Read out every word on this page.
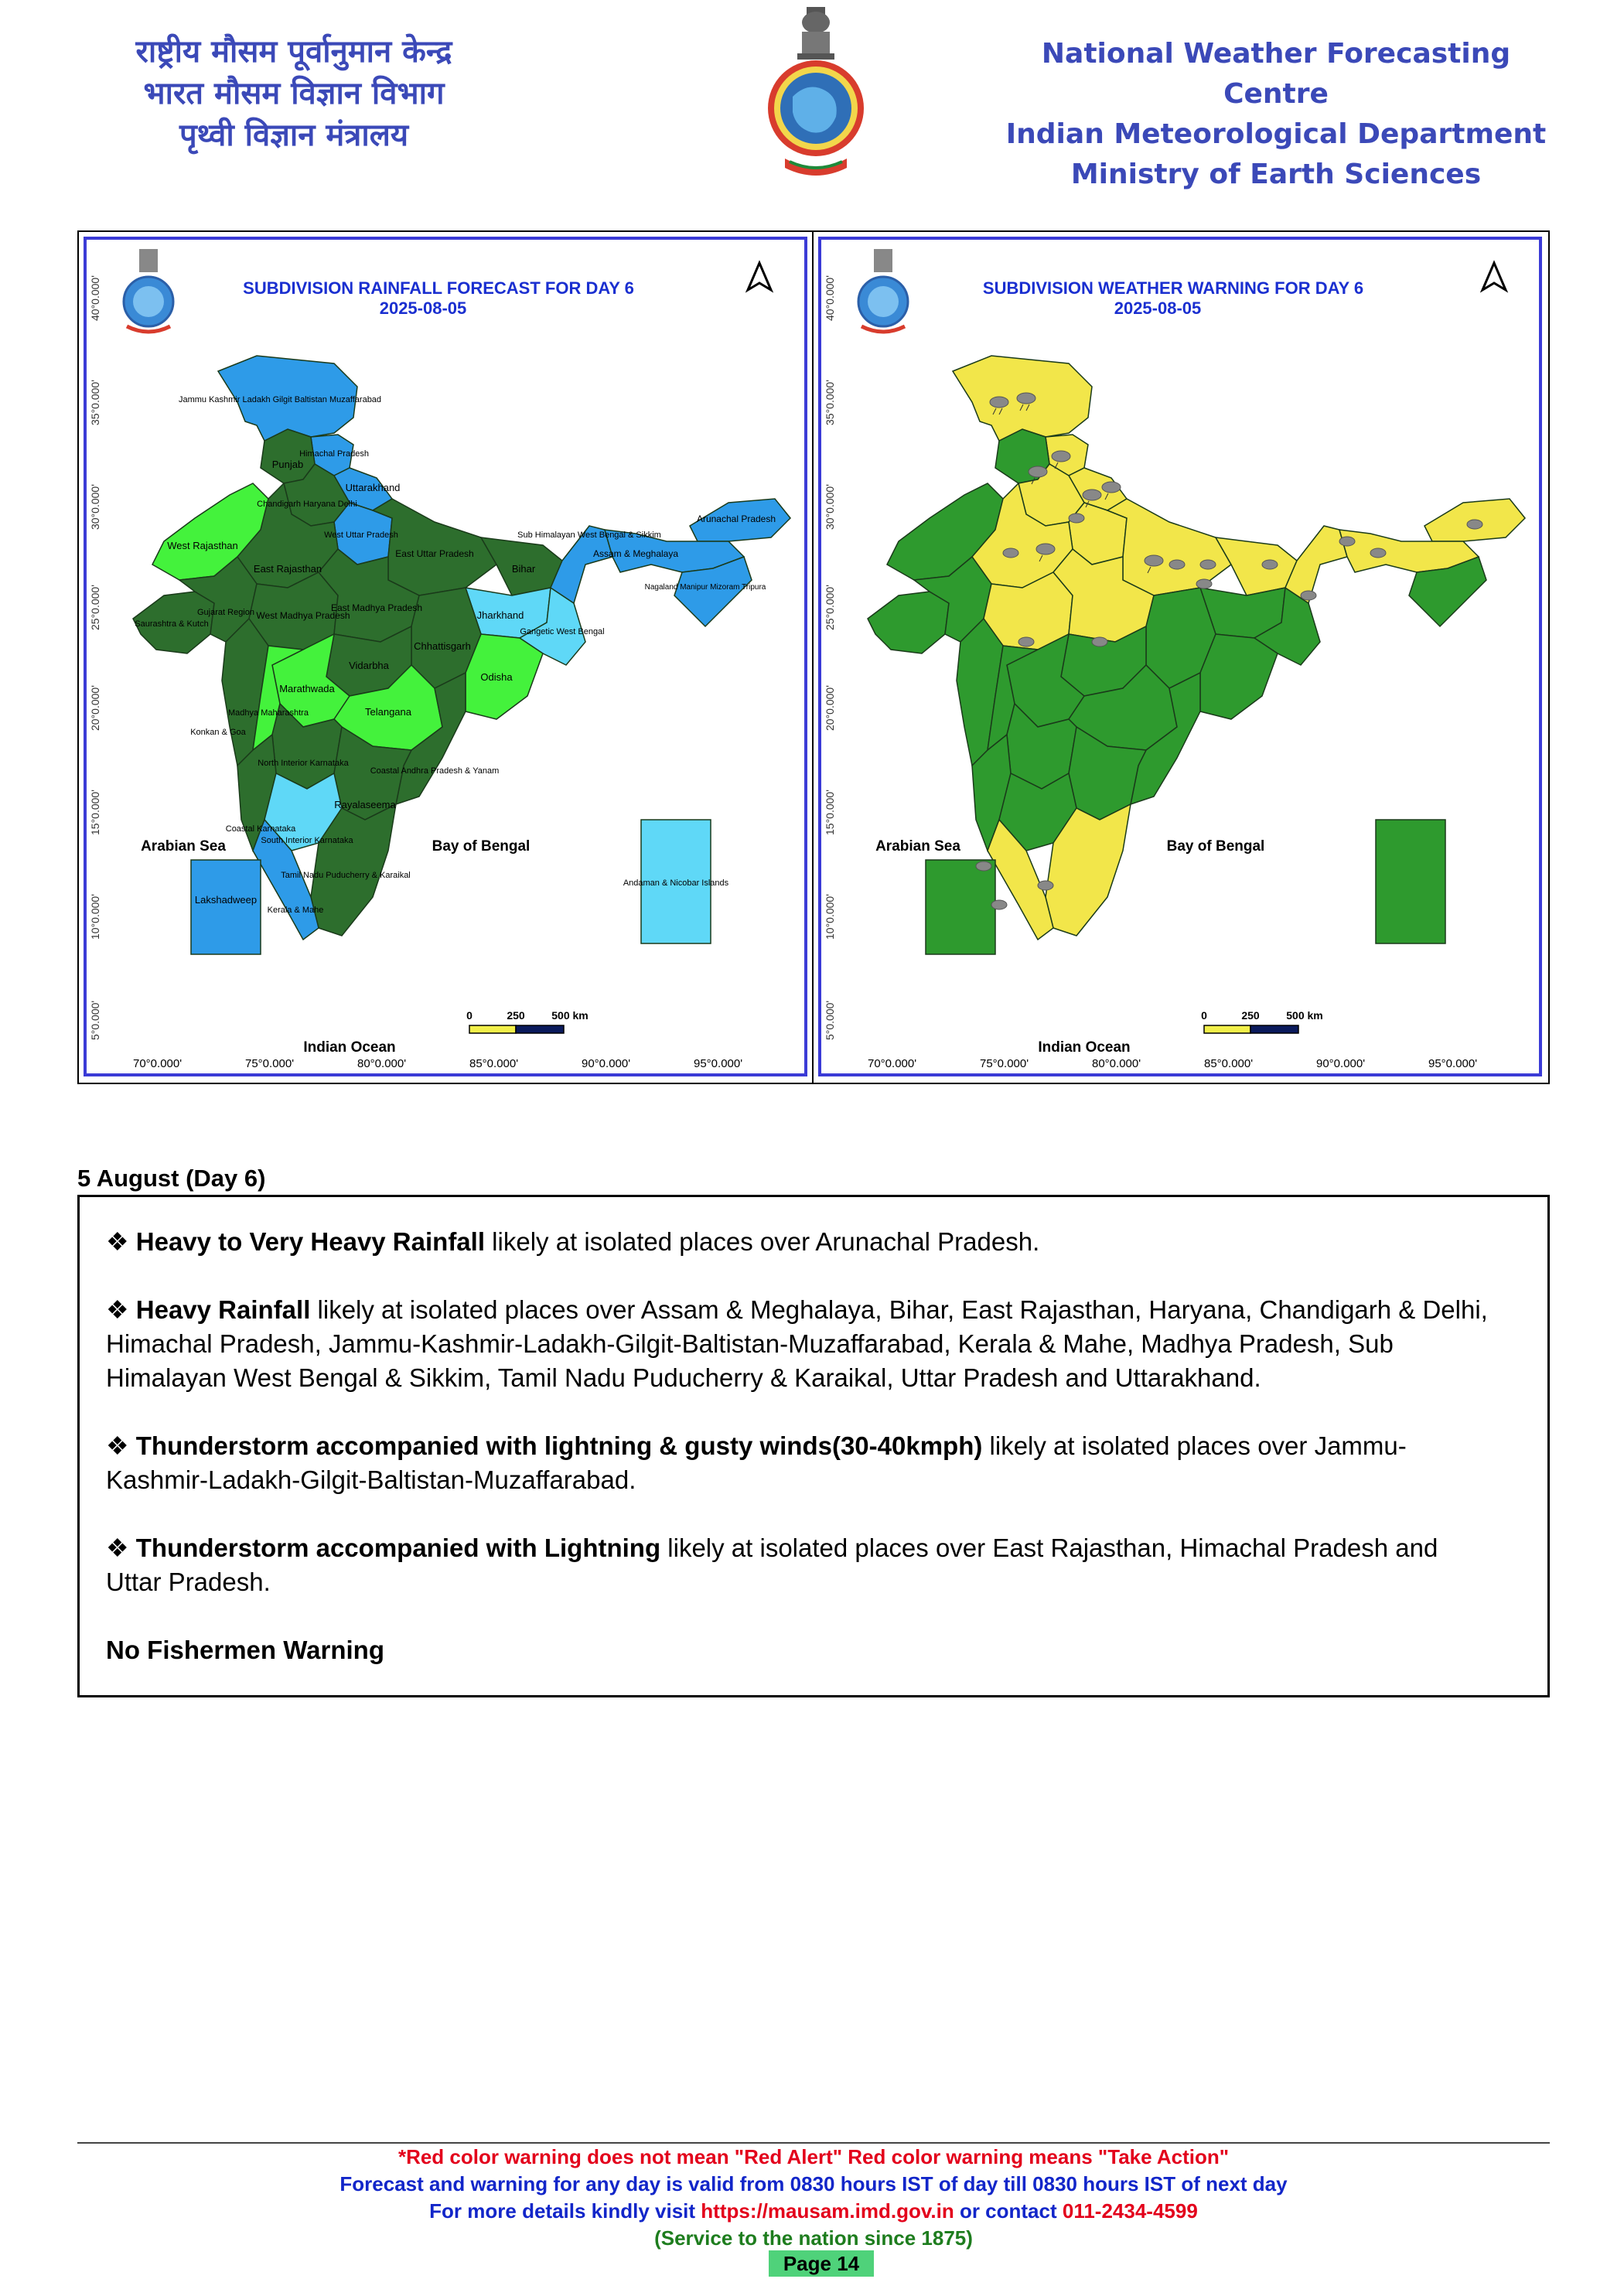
राष्ट्रीय मौसम पूर्वानुमान केन्द्र
भारत मौसम विज्ञान विभाग
पृथ्वी विज्ञान मंत्रालय
National Weather Forecasting Centre
Indian Meteorological Department
Ministry of Earth Sciences
SUBDIVISION RAINFALL FORECAST FOR DAY 6
2025-08-05
40°0.000'
35°0.000'
30°0.000'
25°0.000'
20°0.000'
15°0.000'
10°0.000'
5°0.000'
70°0.000'	75°0.000'	80°0.000'	85°0.000'	90°0.000'	95°0.000'
Jammu Kashmir Ladakh Gilgit Baltistan Muzaffarabad
Himachal Pradesh
Punjab
Uttarakhand
Chandigarh Haryana Delhi
West Uttar Pradesh
East Uttar Pradesh
West Rajasthan
East Rajasthan	Bihar
Sub Himalayan West Bengal & Sikkim
Arunachal Pradesh
Assam & Meghalaya
Nagaland Manipur Mizoram Tripura
Jharkhand
Gangetic West Bengal
Saurashtra & Kutch
Gujarat Region West Madhya Pradesh
East Madhya Pradesh
Chhattisgarh
Odisha
Vidarbha
Marathwada
Konkan & Goa
Madhya Maharashtra	Telangana
North Interior Karnataka
Coastal Andhra Pradesh & Yanam
Rayalaseema
Coastal Karnataka
South Interior Karnataka
Tamil Nadu Puducherry & Karaikal
Kerala & Mahe
Lakshadweep
Andaman & Nicobar Islands
Arabian Sea	Bay of Bengal
Indian Ocean
0	250 500 km
SUBDIVISION WEATHER WARNING FOR DAY 6
2025-08-05
40°0.000'
35°0.000'
30°0.000'
25°0.000'
20°0.000'
15°0.000'
10°0.000'
5°0.000'
70°0.000'	75°0.000'	80°0.000'	85°0.000'	90°0.000'	95°0.000'
Arabian Sea	Bay of Bengal
Indian Ocean
0	250 500 km
5 August (Day 6)

❖ Heavy to Very Heavy Rainfall likely at isolated places over Arunachal Pradesh.

❖ Heavy Rainfall likely at isolated places over Assam & Meghalaya, Bihar, East Rajasthan, Haryana, Chandigarh & Delhi, Himachal Pradesh, Jammu-Kashmir-Ladakh-Gilgit-Baltistan-Muzaffarabad, Kerala & Mahe, Madhya Pradesh, Sub Himalayan West Bengal & Sikkim, Tamil Nadu Puducherry & Karaikal, Uttar Pradesh and Uttarakhand.

❖ Thunderstorm accompanied with lightning & gusty winds(30-40kmph) likely at isolated places over Jammu-Kashmir-Ladakh-Gilgit-Baltistan-Muzaffarabad.

❖ Thunderstorm accompanied with Lightning likely at isolated places over East Rajasthan, Himachal Pradesh and Uttar Pradesh.

No Fishermen Warning
*Red color warning does not mean "Red Alert" Red color warning means "Take Action"
Forecast and warning for any day is valid from 0830 hours IST of day till 0830 hours IST of next day
For more details kindly visit https://mausam.imd.gov.in or contact 011-2434-4599
(Service to the nation since 1875)
Page 14
